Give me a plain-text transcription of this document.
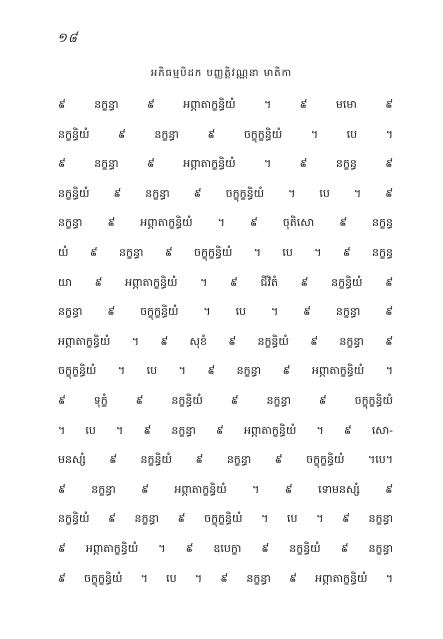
១៨
អភិធម្មបិដក បញ្ញត្តិវណ្ណនា មាតិកា
៩ នក្ខន្ធា ៩ អព្ភាតាក្ខន្ធិយំ ។ ៩ មមោ ៩
នក្ខន្ធិយំ ៩ នក្ខន្ធា ៩ ចក្ខុក្ខន្ធិយំ ។ បេ ។
៩ នក្ខន្ធា ៩ អព្ភាតាក្ខន្ធិយំ ។ ៩ នក្ខន្ធ ៩
នក្ខន្ធិយំ ៩ នក្ខន្ធា ៩ ចក្ខុក្ខន្ធិយំ ។ បេ ។ ៩
នក្ខន្ធា ៩ អព្ភាតាក្ខន្ធិយំ ។ ៩ ចុតិសោ ៩ នក្ខន្ធ
យំ ៩ នក្ខន្ធា ៩ ចក្ខុក្ខន្ធិយំ ។ បេ ។ ៩ នក្ខន្ធ
យា ៩ អព្ភាតាក្ខន្ធិយំ ។ ៩ ជីវិតំ ៩ នក្ខន្ធិយំ ៩
នក្ខន្ធា ៩ ចក្ខុក្ខន្ធិយំ ។ បេ ។ ៩ នក្ខន្ធា ៩
អព្ភាតាក្ខន្ធិយំ ។ ៩ សុខំ ៩ នក្ខន្ធិយំ ៩ នក្ខន្ធា ៩
ចក្ខុក្ខន្ធិយំ ។ បេ ។ ៩ នក្ខន្ធា ៩ អព្ភាតាក្ខន្ធិយំ ។
៩ ទុក្ខំ ៩ នក្ខន្ធិយំ ៩ នក្ខន្ធា ៩ ចក្ខុក្ខន្ធិយំ
។ បេ ។ ៩ នក្ខន្ធា ៩ អព្ភាតាក្ខន្ធិយំ ។ ៩ សោ-
មនស្សំ ៩ នក្ខន្ធិយំ ៩ នក្ខន្ធា ៩ ចក្ខុក្ខន្ធិយំ ។បេ។
៩ នក្ខន្ធា ៩ អព្ភាតាក្ខន្ធិយំ ។ ៩ ទោមនស្សំ ៩
នក្ខន្ធិយំ ៩ នក្ខន្ធា ៩ ចក្ខុក្ខន្ធិយំ ។ បេ ។ ៩ នក្ខន្ធា
៩ អព្ភាតាក្ខន្ធិយំ ។ ៩ ឧបេក្ខា ៩ នក្ខន្ធិយំ ៩ នក្ខន្ធា
៩ ចក្ខុក្ខន្ធិយំ ។ បេ ។ ៩ នក្ខន្ធា ៩ អព្ភាតាក្ខន្ធិយំ ។
